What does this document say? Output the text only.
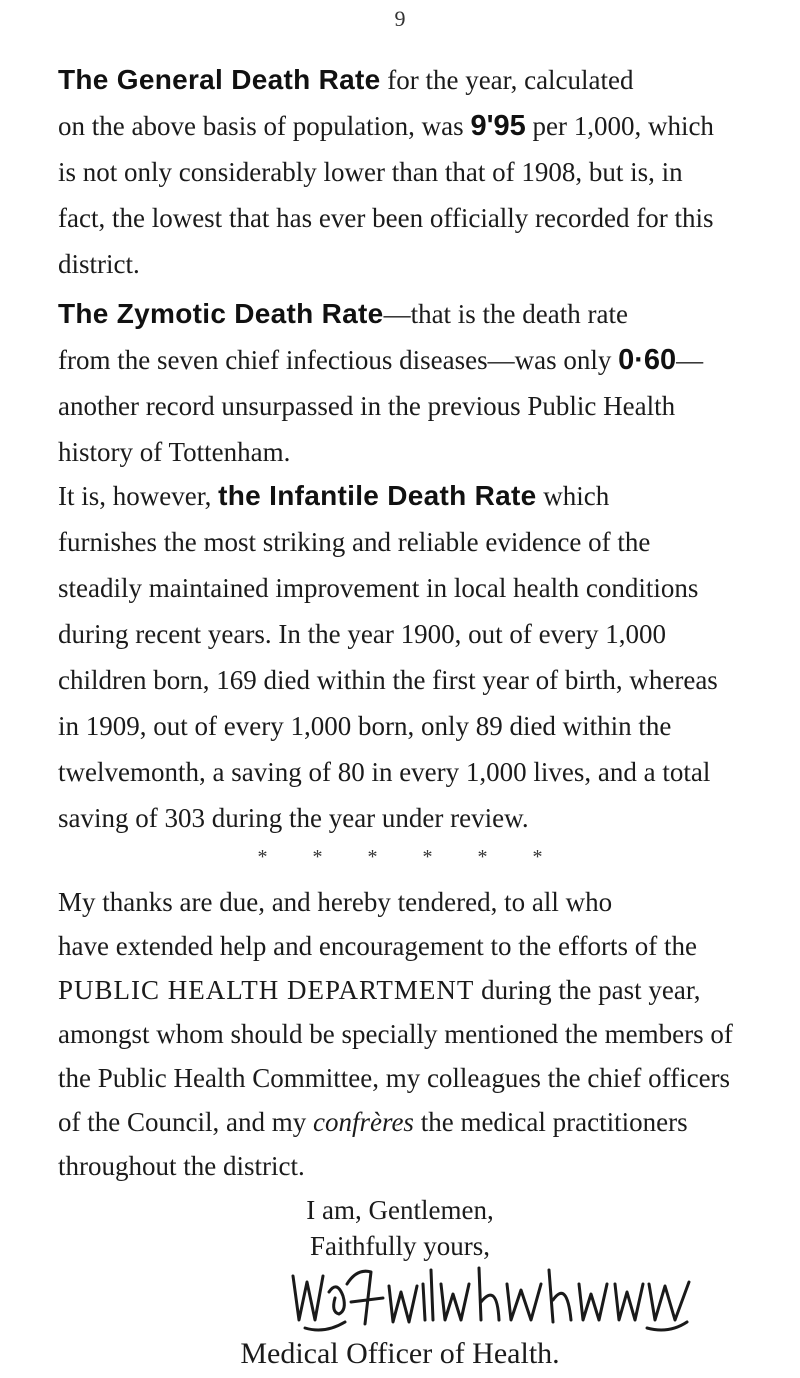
9
The General Death Rate for the year, calculated
on the above basis of population, was 9'95 per 1,000, which
is not only considerably lower than that of 1908, but is, in
fact, the lowest that has ever been officially recorded for this
district.
The Zymotic Death Rate—that is the death rate
from the seven chief infectious diseases—was only 0·60—
another record unsurpassed in the previous Public Health
history of Tottenham.
It is, however, the Infantile Death Rate which
furnishes the most striking and reliable evidence of the
steadily maintained improvement in local health conditions
during recent years. In the year 1900, out of every 1,000
children born, 169 died within the first year of birth, whereas
in 1909, out of every 1,000 born, only 89 died within the
twelvemonth, a saving of 80 in every 1,000 lives, and a total
saving of 303 during the year under review.
* * * * * *
My thanks are due, and hereby tendered, to all who
have extended help and encouragement to the efforts of the
PUBLIC HEALTH DEPARTMENT during the past year,
amongst whom should be specially mentioned the members of
the Public Health Committee, my colleagues the chief officers
of the Council, and my confrères the medical practitioners
throughout the district.
I am, Gentlemen,
Faithfully yours,
Medical Officer of Health.
